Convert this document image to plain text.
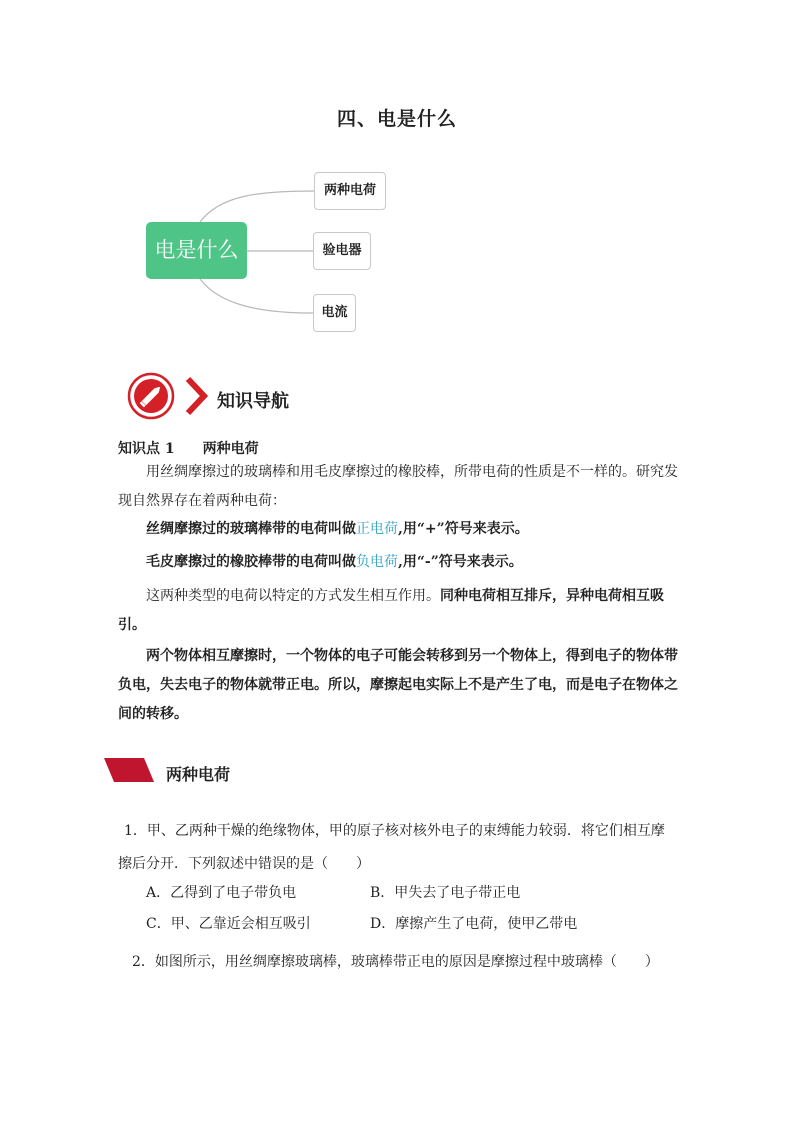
四、电是什么
电是什么
两种电荷
验电器
电流
知识导航
知识点 1 两种电荷
用丝绸摩擦过的玻璃棒和用毛皮摩擦过的橡胶棒，所带电荷的性质是不一样的。研究发现自然界存在着两种电荷：
丝绸摩擦过的玻璃棒带的电荷叫做正电荷,用“+”符号来表示。
毛皮摩擦过的橡胶棒带的电荷叫做负电荷,用“-”符号来表示。
这两种类型的电荷以特定的方式发生相互作用。同种电荷相互排斥，异种电荷相互吸引。
两个物体相互摩擦时，一个物体的电子可能会转移到另一个物体上，得到电子的物体带负电，失去电子的物体就带正电。所以，摩擦起电实际上不是产生了电，而是电子在物体之间的转移。
两种电荷
1．甲、乙两种干燥的绝缘物体，甲的原子核对核外电子的束缚能力较弱．将它们相互摩擦后分开．下列叙述中错误的是（　　）
A．乙得到了电子带负电	B．甲失去了电子带正电
C．甲、乙靠近会相互吸引	D．摩擦产生了电荷，使甲乙带电
2．如图所示，用丝绸摩擦玻璃棒，玻璃棒带正电的原因是摩擦过程中玻璃棒（　　）
